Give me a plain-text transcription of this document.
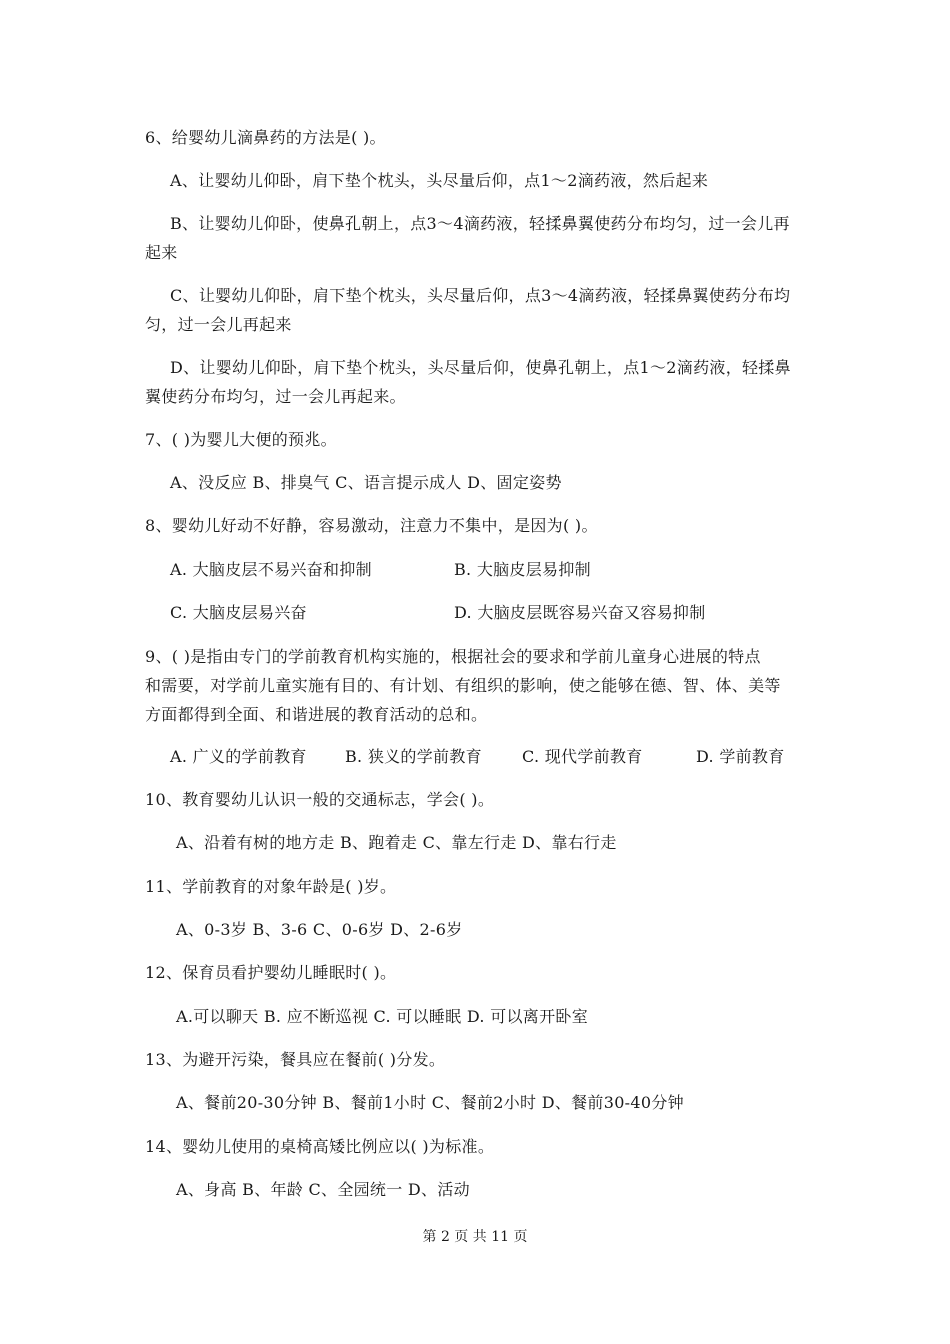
6、给婴幼儿滴鼻药的方法是( )。
A、让婴幼儿仰卧，肩下垫个枕头，头尽量后仰，点1～2滴药液，然后起来
B、让婴幼儿仰卧，使鼻孔朝上，点3～4滴药液，轻揉鼻翼使药分布均匀，过一会儿再
起来
C、让婴幼儿仰卧，肩下垫个枕头，头尽量后仰，点3～4滴药液，轻揉鼻翼使药分布均
匀，过一会儿再起来
D、让婴幼儿仰卧，肩下垫个枕头，头尽量后仰，使鼻孔朝上，点1～2滴药液，轻揉鼻
翼使药分布均匀，过一会儿再起来。
7、( )为婴儿大便的预兆。
A、没反应 B、排臭气 C、语言提示成人 D、固定姿势
8、婴幼儿好动不好静，容易激动，注意力不集中，是因为( )。
A. 大脑皮层不易兴奋和抑制	B. 大脑皮层易抑制
C. 大脑皮层易兴奋	D. 大脑皮层既容易兴奋又容易抑制
9、( )是指由专门的学前教育机构实施的，根据社会的要求和学前儿童身心进展的特点
和需要，对学前儿童实施有目的、有计划、有组织的影响，使之能够在德、智、体、美等
方面都得到全面、和谐进展的教育活动的总和。
A. 广义的学前教育 B. 狭义的学前教育	C. 现代学前教育	D. 学前教育
10、教育婴幼儿认识一般的交通标志，学会( )。
A、沿着有树的地方走 B、跑着走 C、靠左行走 D、靠右行走
11、学前教育的对象年龄是( )岁。
A、0-3岁 B、3-6 C、0-6岁 D、2-6岁
12、保育员看护婴幼儿睡眠时( )。
A.可以聊天 B. 应不断巡视 C. 可以睡眠 D. 可以离开卧室
13、为避开污染，餐具应在餐前( )分发。
A、餐前20-30分钟 B、餐前1小时 C、餐前2小时 D、餐前30-40分钟
14、婴幼儿使用的桌椅高矮比例应以( )为标准。
A、身高 B、年龄 C、全园统一 D、活动
第 2 页 共 11 页
